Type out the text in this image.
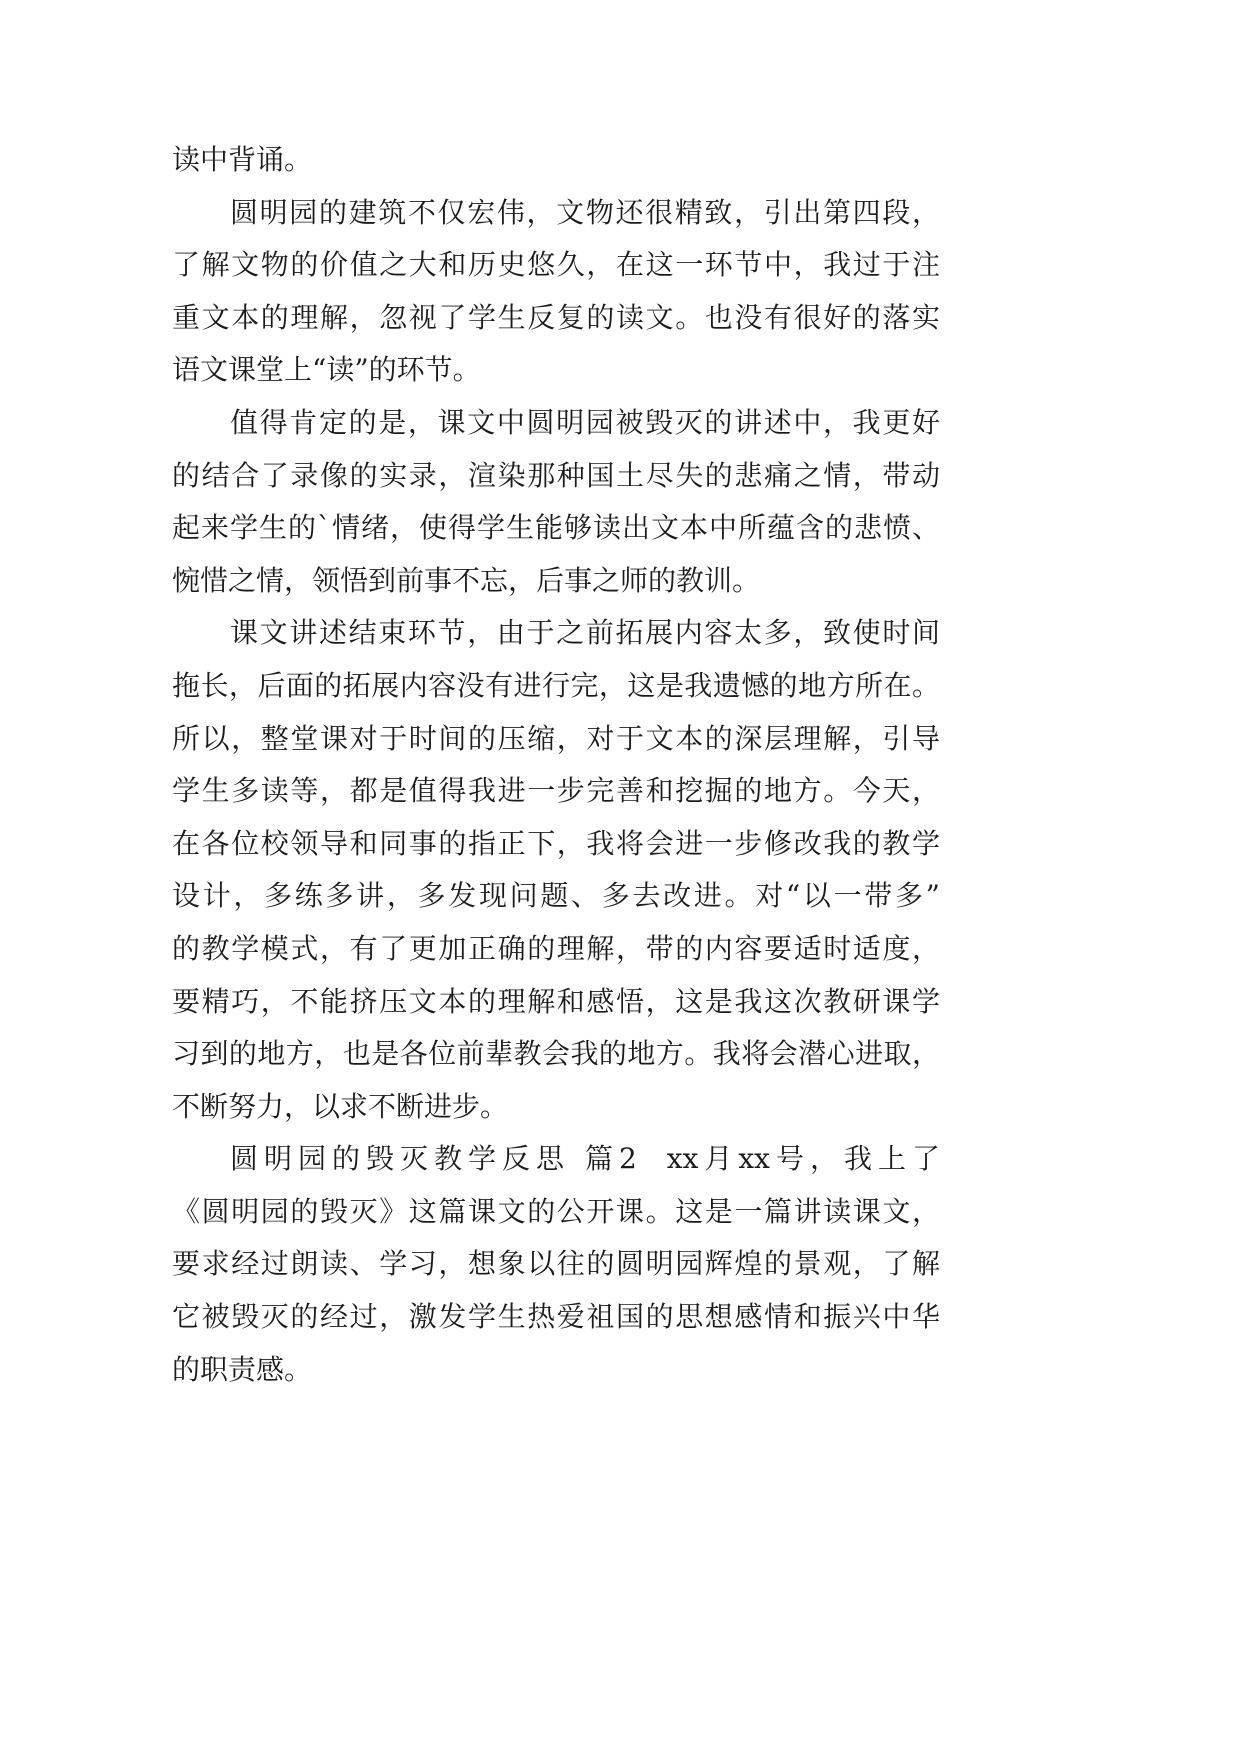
读中背诵。
圆明园的建筑不仅宏伟，文物还很精致，引出第四段，
了解文物的价值之大和历史悠久，在这一环节中，我过于注
重文本的理解，忽视了学生反复的读文。也没有很好的落实
语文课堂上“读”的环节。
值得肯定的是，课文中圆明园被毁灭的讲述中，我更好
的结合了录像的实录，渲染那种国土尽失的悲痛之情，带动
起来学生的`情绪，使得学生能够读出文本中所蕴含的悲愤、
惋惜之情，领悟到前事不忘，后事之师的教训。
课文讲述结束环节，由于之前拓展内容太多，致使时间
拖长，后面的拓展内容没有进行完，这是我遗憾的地方所在。
所以，整堂课对于时间的压缩，对于文本的深层理解，引导
学生多读等，都是值得我进一步完善和挖掘的地方。今天，
在各位校领导和同事的指正下，我将会进一步修改我的教学
设计，多练多讲，多发现问题、多去改进。对“以一带多”
的教学模式，有了更加正确的理解，带的内容要适时适度，
要精巧，不能挤压文本的理解和感悟，这是我这次教研课学
习到的地方，也是各位前辈教会我的地方。我将会潜心进取，
不断努力，以求不断进步。
圆明园的毁灭教学反思 篇2 xx月xx号，我上了
《圆明园的毁灭》这篇课文的公开课。这是一篇讲读课文，
要求经过朗读、学习，想象以往的圆明园辉煌的景观，了解
它被毁灭的经过，激发学生热爱祖国的思想感情和振兴中华
的职责感。
